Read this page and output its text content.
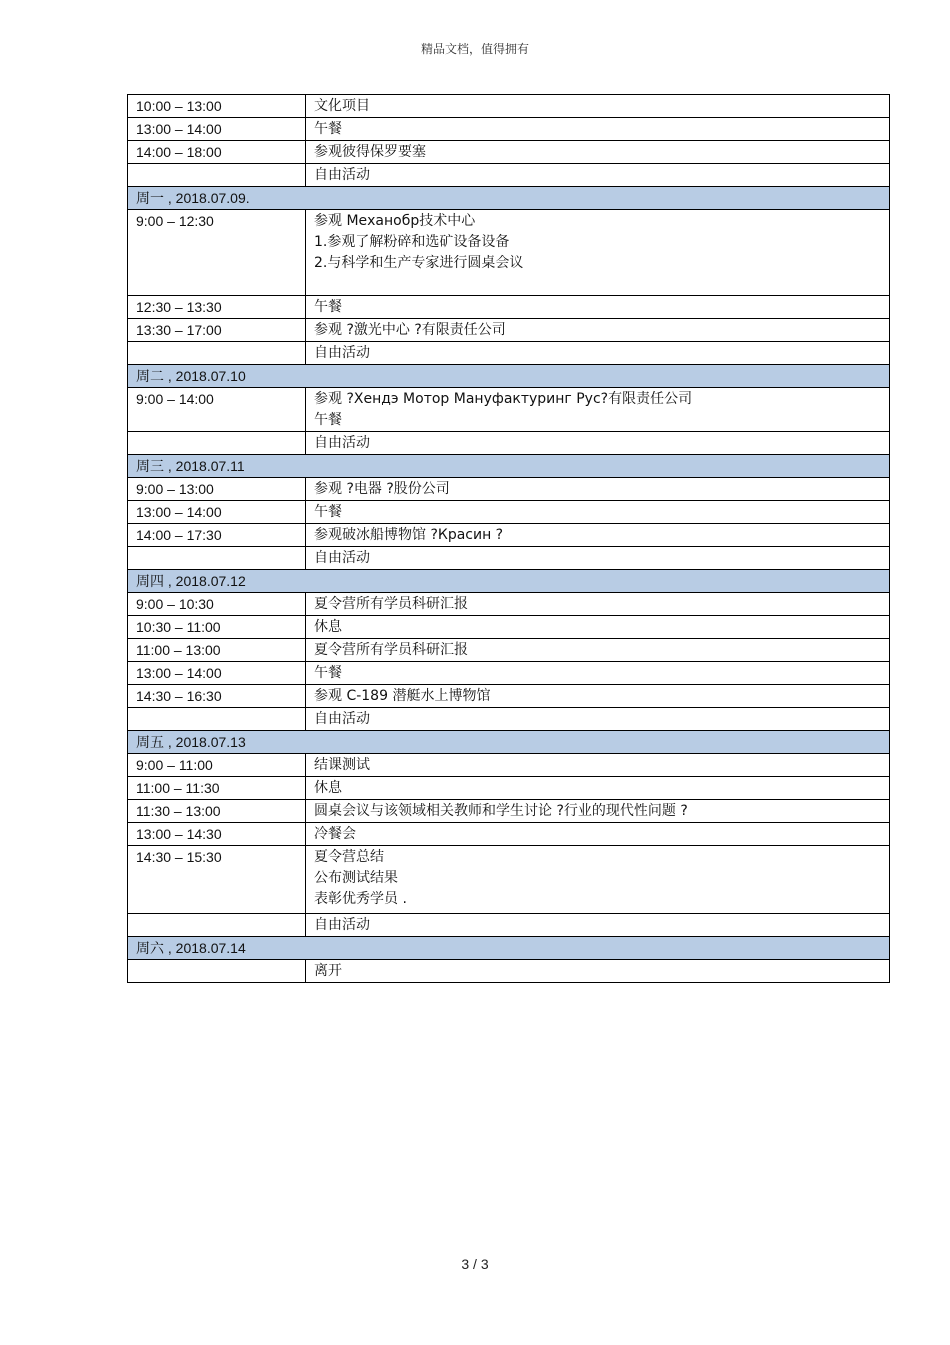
精品文档，值得拥有
10:00 – 13:00	文化项目

13:00 – 14:00	午餐

14:00 – 18:00	参观彼得保罗要塞

	自由活动

周一 , 2018.07.09.	
9:00 – 12:30	参观 Механобр技术中心
1.参观了解粉碎和选矿设备设备
2.与科学和生产专家进行圆桌会议

12:30 – 13:30	午餐

13:30 – 17:00	参观 ?激光中心 ?有限责任公司

	自由活动

周二 , 2018.07.10	
9:00 – 14:00	参观 ?Хендэ Мотор Мануфактуринг Рус?有限责任公司
午餐

	自由活动

周三 , 2018.07.11	
9:00 – 13:00	参观 ?电器 ?股份公司

13:00 – 14:00	午餐

14:00 – 17:30	参观破冰船博物馆 ?Красин ?

	自由活动

周四 , 2018.07.12	
9:00 – 10:30	夏令营所有学员科研汇报

10:30 – 11:00	休息

11:00 – 13:00	夏令营所有学员科研汇报

13:00 – 14:00	午餐

14:30 – 16:30	参观 C-189 潜艇水上博物馆

	自由活动

周五 , 2018.07.13	
9:00 – 11:00	结课测试

11:00 – 11:30	休息

11:30 – 13:00	圆桌会议与该领域相关教师和学生讨论 ?行业的现代性问题 ?

13:00 – 14:30	冷餐会

14:30 – 15:30	夏令营总结
公布测试结果
表彰优秀学员 .

	自由活动

周六 , 2018.07.14	

	离开
3 / 3
